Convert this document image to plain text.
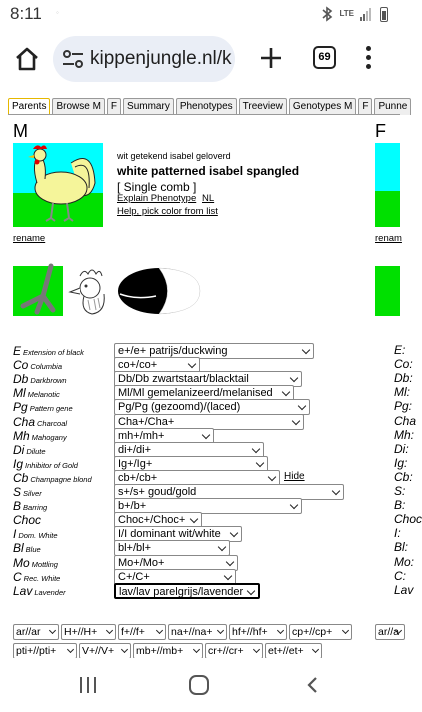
8:11 ◦	LTE
kippenjungle.nl/k	69
Parents	Browse M	F	Summary	Phenotypes	Treeview	Genotypes M	F	Punne
M	F
wit getekend isabel geloverd
white patterned isabel spangled
[ Single comb ]
Explain Phenotype NL
Help, pick color from list
rename	renam
E Extension of black	e+/e+ patrijs/duckwing	E:
Co Columbia	co+/co+	Co:
Db Darkbrown	Db/Db zwartstaart/blacktail	Db:
Ml Melanotic	Ml/Ml gemelanizeerd/melanised	Ml:
Pg Pattern gene	Pg/Pg (gezoomd)/(laced)	Pg:
Cha Charcoal	Cha+/Cha+	Cha
Mh Mahogany	mh+/mh+	Mh:
Di Dilute	di+/di+	Di:
Ig Inhibitor of Gold	Ig+/Ig+	Ig:
Cb Champagne blond	cb+/cb+	Hide	Cb:
S Silver	s+/s+ goud/gold	S:
B Barring	b+/b+	B:
Choc	Choc+/Choc+	Choc
I Dom. White	I/I dominant wit/white	I:
Bl Blue	bl+/bl+	Bl:
Mo Mottling	Mo+/Mo+	Mo:
C Rec. White	C+/C+	C:
Lav Lavender	lav/lav parelgrijs/lavender	Lav
ar//ar	H+//H+	f+//f+	na+//na+	hf+//hf+	cp+//cp+
pti+//pti+	V+//V+	mb+//mb+	cr+//cr+	et+//et+
ar//a
